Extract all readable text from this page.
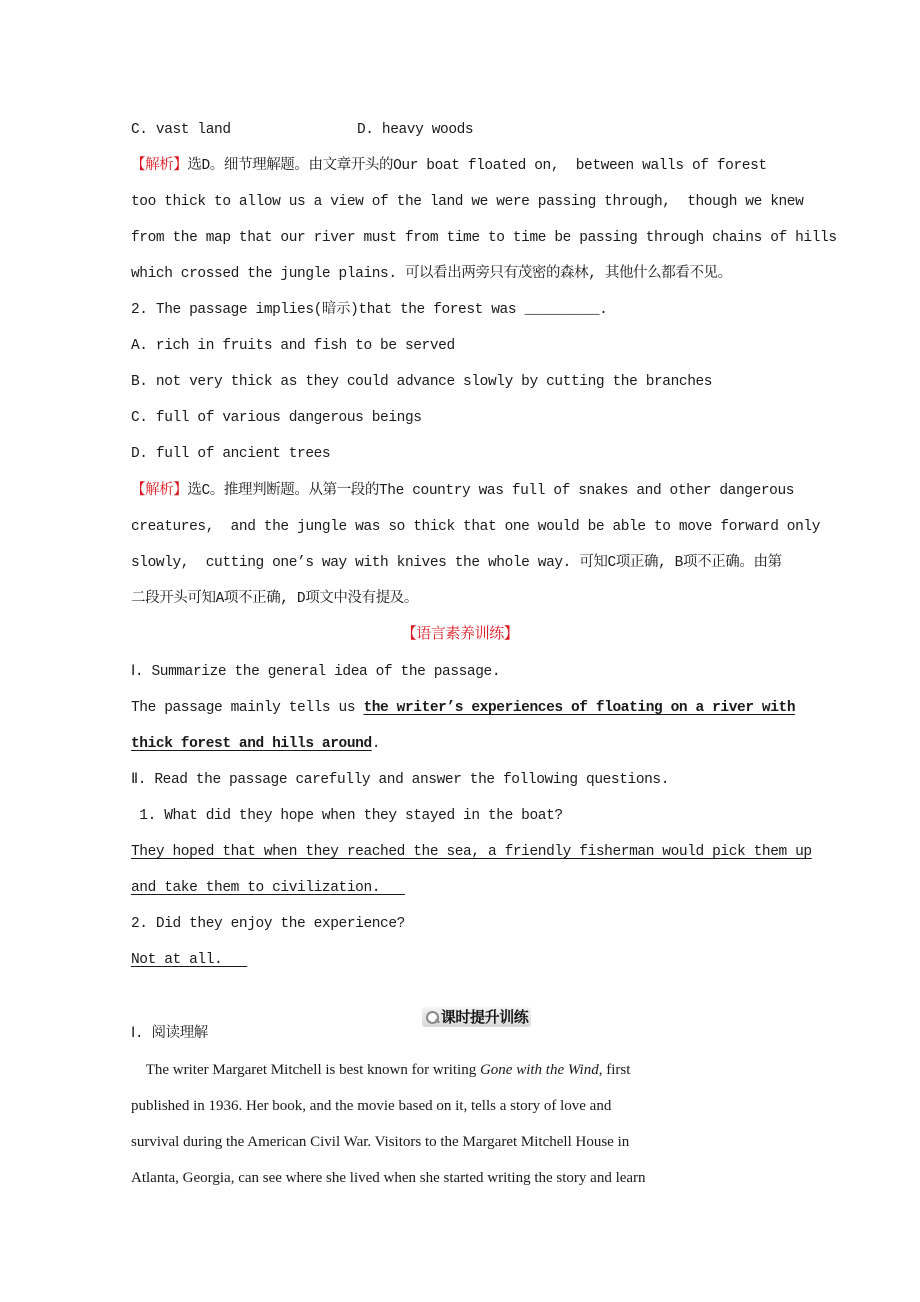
C. vast land	D. heavy woods
【解析】选D。细节理解题。由文章开头的Our boat floated on,  between walls of forest
too thick to allow us a view of the land we were passing through,  though we knew
from the map that our river must from time to time be passing through chains of hills
which crossed the jungle plains. 可以看出两旁只有茂密的森林, 其他什么都看不见。
2. The passage implies(暗示)that the forest was _________.
A. rich in fruits and fish to be served
B. not very thick as they could advance slowly by cutting the branches
C. full of various dangerous beings
D. full of ancient trees
【解析】选C。推理判断题。从第一段的The country was full of snakes and other dangerous
creatures,  and the jungle was so thick that one would be able to move forward only
slowly,  cutting one’s way with knives the whole way. 可知C项正确, B项不正确。由第
二段开头可知A项不正确, D项文中没有提及。
【语言素养训练】
Ⅰ. Summarize the general idea of the passage.
The passage mainly tells us the writer’s experiences of floating on a river with
thick forest and hills around.
Ⅱ. Read the passage carefully and answer the following questions.
1. What did they hope when they stayed in the boat?
They hoped that when they reached the sea, a friendly fisherman would pick them up
and take them to civilization.
2. Did they enjoy the experience?
Not at all.

课时提升训练

Ⅰ. 阅读理解
The writer Margaret Mitchell is best known for writing Gone with the Wind, first
published in 1936. Her book, and the movie based on it, tells a story of love and
survival during the American Civil War. Visitors to the Margaret Mitchell House in
Atlanta, Georgia, can see where she lived when she started writing the story and learn
